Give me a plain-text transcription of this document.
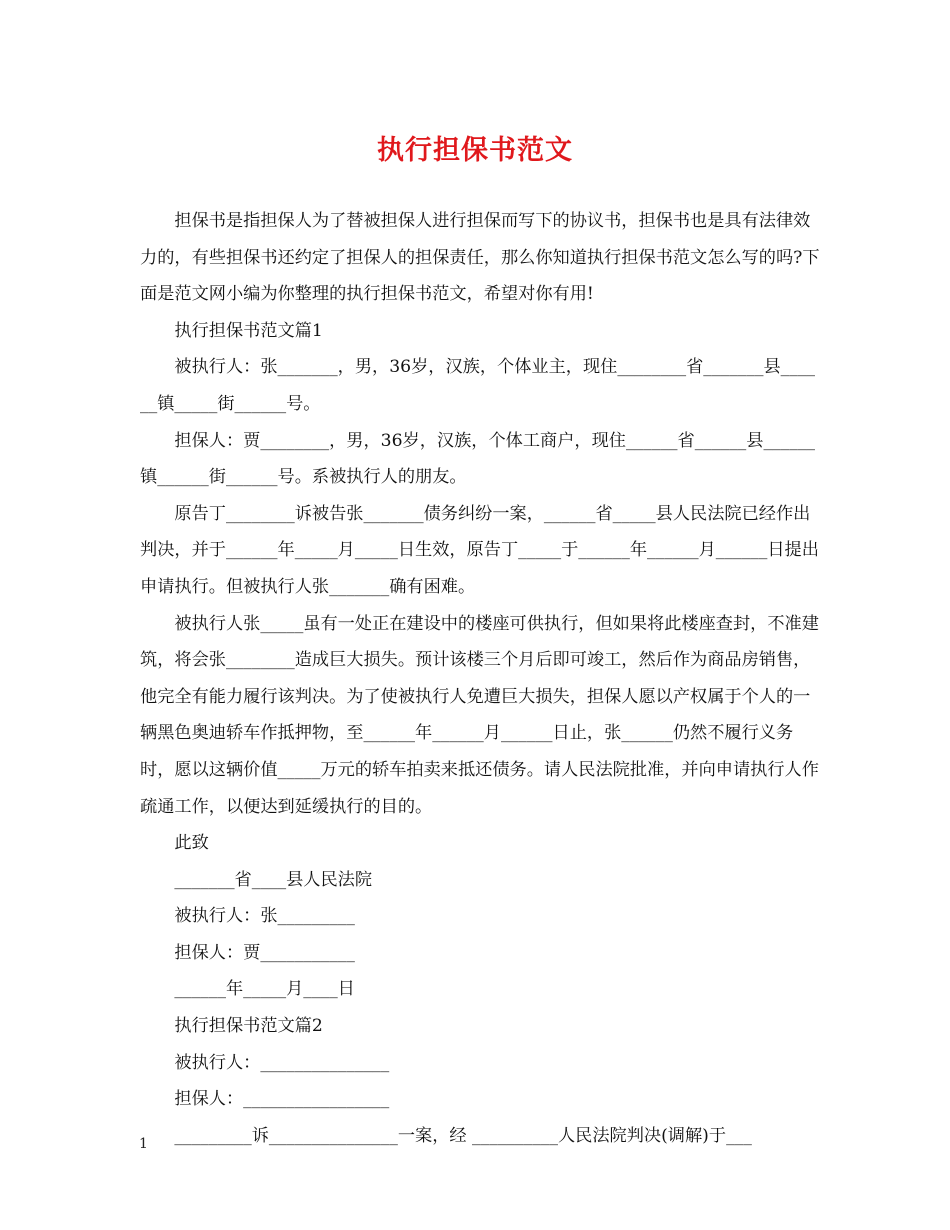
执行担保书范文

担保书是指担保人为了替被担保人进行担保而写下的协议书，担保书也是具有法律效力的，有些担保书还约定了担保人的担保责任，那么你知道执行担保书范文怎么写的吗?下面是范文网小编为你整理的执行担保书范文，希望对你有用!

执行担保书范文篇1

被执行人：张_______，男，36岁，汉族，个体业主，现住________省_______县______镇_____街______号。

担保人：贾________，男，36岁，汉族，个体工商户，现住______省______县______镇______街______号。系被执行人的朋友。

原告丁________诉被告张_______债务纠纷一案，______省_____县人民法院已经作出判决，并于______年_____月_____日生效，原告丁_____于______年______月______日提出申请执行。但被执行人张_______确有困难。

被执行人张_____虽有一处正在建设中的楼座可供执行，但如果将此楼座查封，不准建筑，将会张________造成巨大损失。预计该楼三个月后即可竣工，然后作为商品房销售，他完全有能力履行该判决。为了使被执行人免遭巨大损失，担保人愿以产权属于个人的一辆黑色奥迪轿车作抵押物，至______年______月______日止，张______仍然不履行义务时，愿以这辆价值_____万元的轿车拍卖来抵还债务。请人民法院批准，并向申请执行人作疏通工作，以便达到延缓执行的目的。

此致

_______省____县人民法院

被执行人：张_________

担保人：贾___________

______年_____月____日

执行担保书范文篇2

被执行人：_______________

担保人：_________________

_________诉_______________一案，经 __________人民法院判决(调解)于___

1
